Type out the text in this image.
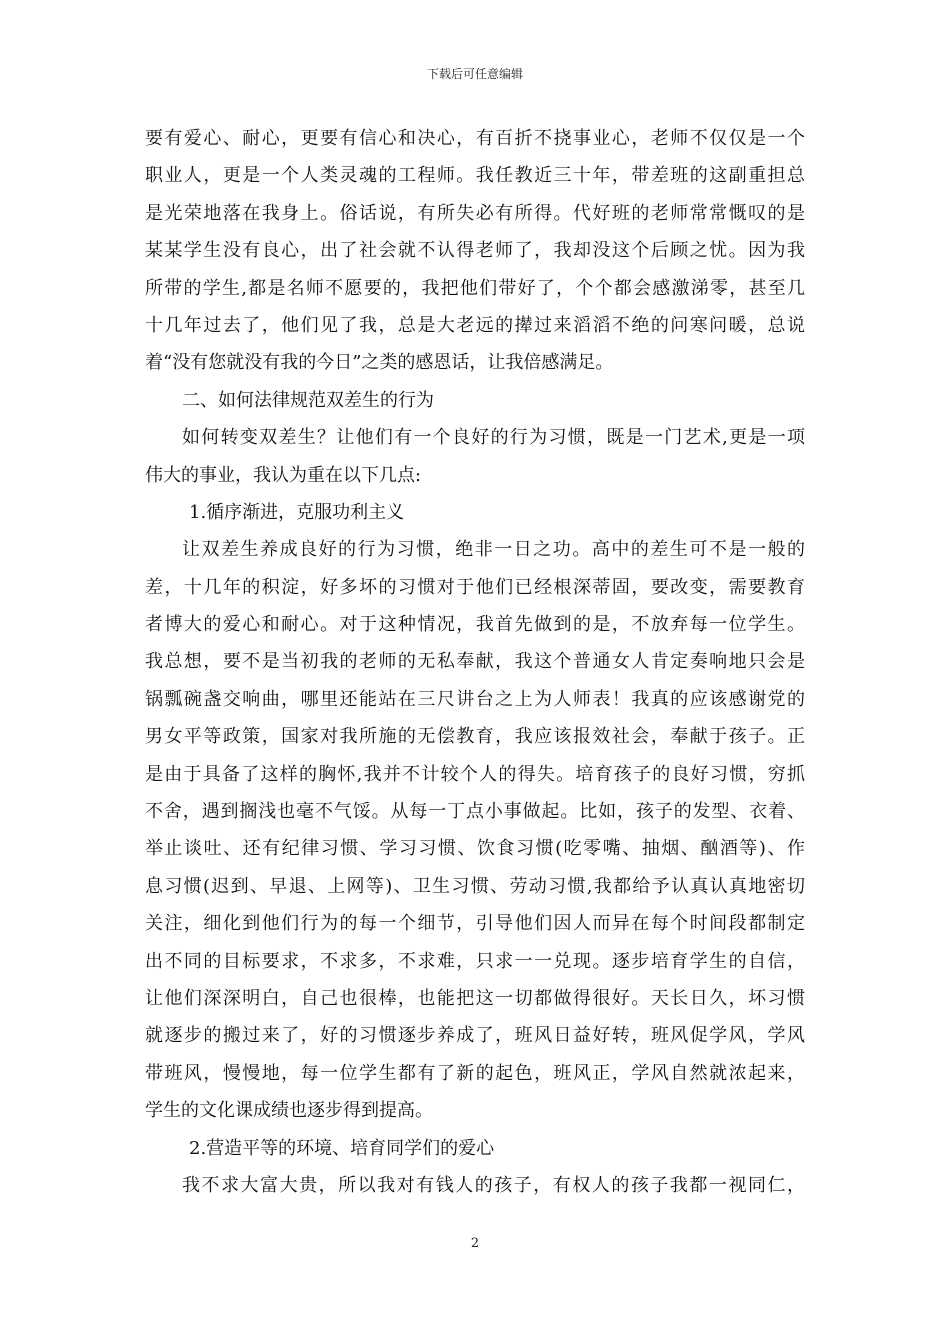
下载后可任意编辑
要有爱心、耐心，更要有信心和决心，有百折不挠事业心，老师不仅仅是一个
职业人，更是一个人类灵魂的工程师。我任教近三十年，带差班的这副重担总
是光荣地落在我身上。俗话说，有所失必有所得。代好班的老师常常慨叹的是
某某学生没有良心，出了社会就不认得老师了，我却没这个后顾之忧。因为我
所带的学生,都是名师不愿要的，我把他们带好了，个个都会感激涕零，甚至几
十几年过去了，他们见了我，总是大老远的撵过来滔滔不绝的问寒问暖，总说
着“没有您就没有我的今日”之类的感恩话，让我倍感满足。
二、如何法律规范双差生的行为
如何转变双差生？让他们有一个良好的行为习惯，既是一门艺术,更是一项
伟大的事业，我认为重在以下几点:
1.循序渐进，克服功利主义
让双差生养成良好的行为习惯，绝非一日之功。高中的差生可不是一般的
差，十几年的积淀，好多坏的习惯对于他们已经根深蒂固，要改变，需要教育
者博大的爱心和耐心。对于这种情况，我首先做到的是，不放弃每一位学生。
我总想，要不是当初我的老师的无私奉献，我这个普通女人肯定奏响地只会是
锅瓢碗盏交响曲，哪里还能站在三尺讲台之上为人师表！我真的应该感谢党的
男女平等政策，国家对我所施的无偿教育，我应该报效社会，奉献于孩子。正
是由于具备了这样的胸怀,我并不计较个人的得失。培育孩子的良好习惯，穷抓
不舍，遇到搁浅也毫不气馁。从每一丁点小事做起。比如，孩子的发型、衣着、
举止谈吐、还有纪律习惯、学习习惯、饮食习惯(吃零嘴、抽烟、酗酒等)、作
息习惯(迟到、早退、上网等)、卫生习惯、劳动习惯,我都给予认真认真地密切
关注，细化到他们行为的每一个细节，引导他们因人而异在每个时间段都制定
出不同的目标要求，不求多，不求难，只求一一兑现。逐步培育学生的自信，
让他们深深明白，自己也很棒，也能把这一切都做得很好。天长日久，坏习惯
就逐步的搬过来了，好的习惯逐步养成了，班风日益好转，班风促学风，学风
带班风，慢慢地，每一位学生都有了新的起色，班风正，学风自然就浓起来，
学生的文化课成绩也逐步得到提高。
2.营造平等的环境、培育同学们的爱心
我不求大富大贵，所以我对有钱人的孩子，有权人的孩子我都一视同仁，
2
